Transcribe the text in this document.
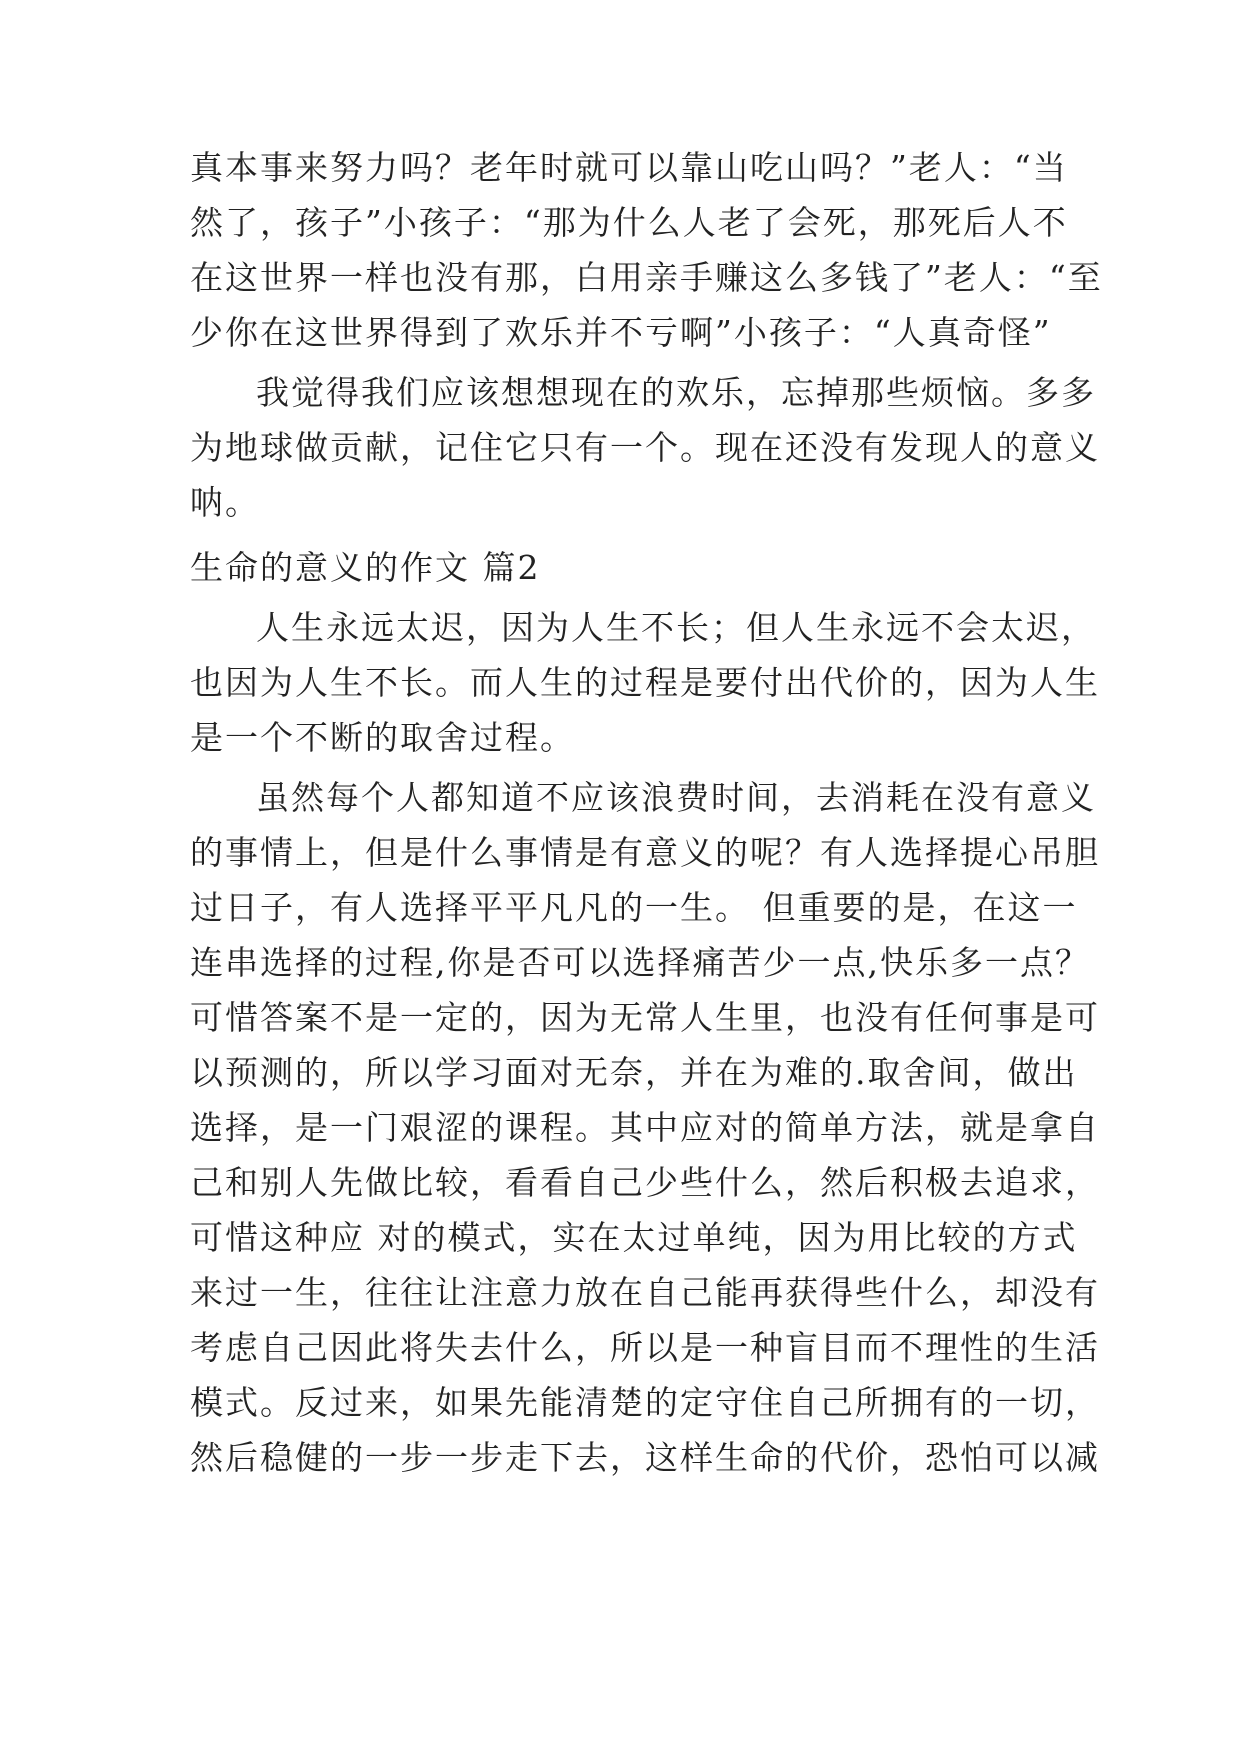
真本事来努力吗？老年时就可以靠山吃山吗？”老人：“当
然了，孩子”小孩子：“那为什么人老了会死，那死后人不
在这世界一样也没有那，白用亲手赚这么多钱了”老人：“至
少你在这世界得到了欢乐并不亏啊”小孩子：“人真奇怪”
我觉得我们应该想想现在的欢乐，忘掉那些烦恼。多多
为地球做贡献，记住它只有一个。现在还没有发现人的意义
呐。
生命的意义的作文 篇2
人生永远太迟，因为人生不长；但人生永远不会太迟，
也因为人生不长。而人生的过程是要付出代价的，因为人生
是一个不断的取舍过程。
虽然每个人都知道不应该浪费时间，去消耗在没有意义
的事情上，但是什么事情是有意义的呢？有人选择提心吊胆
过日子，有人选择平平凡凡的一生。 但重要的是，在这一
连串选择的过程,你是否可以选择痛苦少一点,快乐多一点？
可惜答案不是一定的，因为无常人生里，也没有任何事是可
以预测的，所以学习面对无奈，并在为难的.取舍间，做出
选择，是一门艰涩的课程。其中应对的简单方法，就是拿自
己和别人先做比较，看看自己少些什么，然后积极去追求，
可惜这种应 对的模式，实在太过单纯，因为用比较的方式
来过一生，往往让注意力放在自己能再获得些什么，却没有
考虑自己因此将失去什么，所以是一种盲目而不理性的生活
模式。反过来，如果先能清楚的定守住自己所拥有的一切，
然后稳健的一步一步走下去，这样生命的代价，恐怕可以减
